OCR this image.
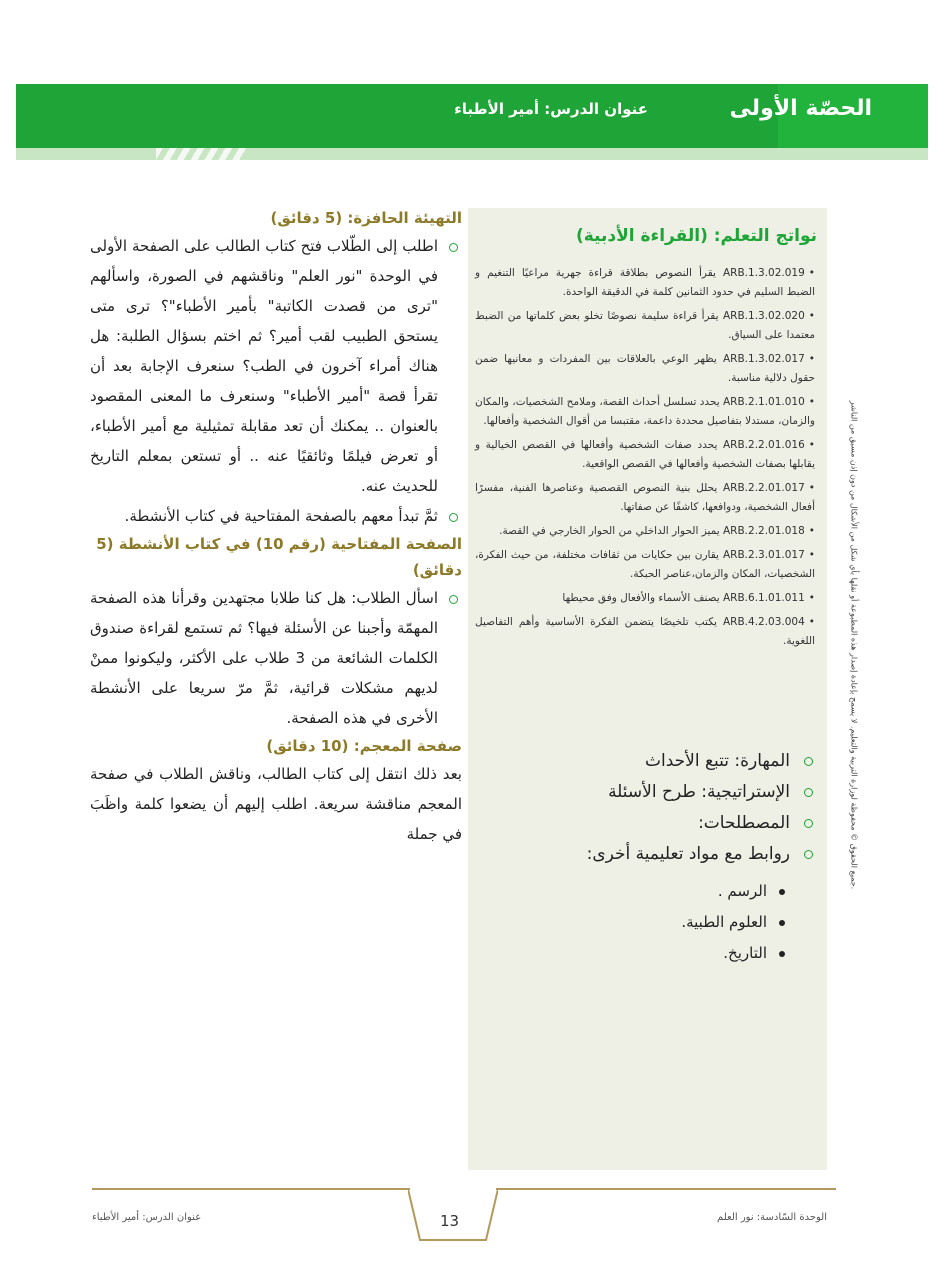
الحصّة الأولى
عنوان الدرس: أمير الأطباء
نواتج التعلم: (القراءة الأدبية)
•ARB.1.3.02.019 يقرأ النصوص بطلاقة قراءة جهرية مراعيًا التنغيم و الضبط السليم في حدود الثمانين كلمة في الدقيقة الواحدة.
•ARB.1.3.02.020 يقرأ قراءة سليمة نصوصًا تخلو بعض كلماتها من الضبط معتمدا على السياق.
•ARB.1.3.02.017 يظهر الوعي بالعلاقات بين المفردات و معانيها ضمن حقول دلالية مناسبة.
•ARB.2.1.01.010 يحدد تسلسل أحداث القصة، وملامح الشخصيات، والمكان والزمان، مستدلا بتفاصيل محددة داعمة، مقتبسا من أقوال الشخصية وأفعالها.
•ARB.2.2.01.016 يحدد صفات الشخصية وأفعالها في القصص الخيالية و يقابلها بصفات الشخصية وأفعالها في القصص الواقعية.
•ARB.2.2.01.017 يحلل بنية النصوص القصصية وعناصرها الفنية، مفسرًا أفعال الشخصية، ودوافعها، كاشفًا عن صفاتها.
•ARB.2.2.01.018 يميز الحوار الداخلي من الحوار الخارجي في القصة.
•ARB.2.3.01.017 يقارن بين حكايات من ثقافات مختلفة، من حيث الفكرة، الشخصيات، المكان والزمان،عناصر الحبكة.
•ARB.6.1.01.011 يصنف الأسماء والأفعال وفق محيطها
•ARB.4.2.03.004 يكتب تلخيصًا يتضمن الفكرة الأساسية وأهم التفاصيل اللغوية.
المهارة: تتبع الأحداث
الإستراتيجية: طرح الأسئلة
المصطلحات:
روابط مع مواد تعليمية أخرى:
الرسم .
العلوم الطبية.
التاريخ.
التهيئة الحافزة: (5 دقائق)
اطلب إلى الطّلاب فتح كتاب الطالب على الصفحة الأولى في الوحدة "نور العلم" وناقشهم في الصورة، واسألهم "ترى من قصدت الكاتبة" بأمير الأطباء"؟ ترى متى يستحق الطبيب لقب أمير؟ ثم اختم بسؤال الطلبة: هل هناك أمراء آخرون في الطب؟ سنعرف الإجابة بعد أن تقرأ قصة "أمير الأطباء" وسنعرف ما المعنى المقصود بالعنوان .. يمكنك أن تعد مقابلة تمثيلية مع أمير الأطباء، أو تعرض فيلمًا وثائقيًا عنه .. أو تستعن بمعلم التاريخ للحديث عنه.
ثمَّ تبدأ معهم بالصفحة المفتاحية في كتاب الأنشطة.
الصفحة المفتاحية (رقم 10) في كتاب الأنشطة (5 دقائق)
اسأل الطلاب: هل كنا طلابا مجتهدين وقرأنا هذه الصفحة المهمّة وأجبنا عن الأسئلة فيها؟ ثم تستمع لقراءة صندوق الكلمات الشائعة من 3 طلاب على الأكثر، وليكونوا ممنْ لديهم مشكلات قرائية، ثمَّ مرّ سريعا على الأنشطة الأخرى في هذه الصفحة.
صفحة المعجم: (10 دقائق)
بعد ذلك انتقل إلى كتاب الطالب، وناقش الطلاب في صفحة المعجم مناقشة سريعة. اطلب إليهم أن يضعوا كلمة واظَبَ في جملة	جميع الحقوق © محفوظة لوزارة التربية والتعليم. لا يسمح بإعادة إصدار هذه المطبوعة أو نقلها بأي شكل من الأشكال من دون إذن مسبق من الناشر.
عنوان الدرس: أمير الأطباء	13	الوحدة السّادسة: نور العلم
